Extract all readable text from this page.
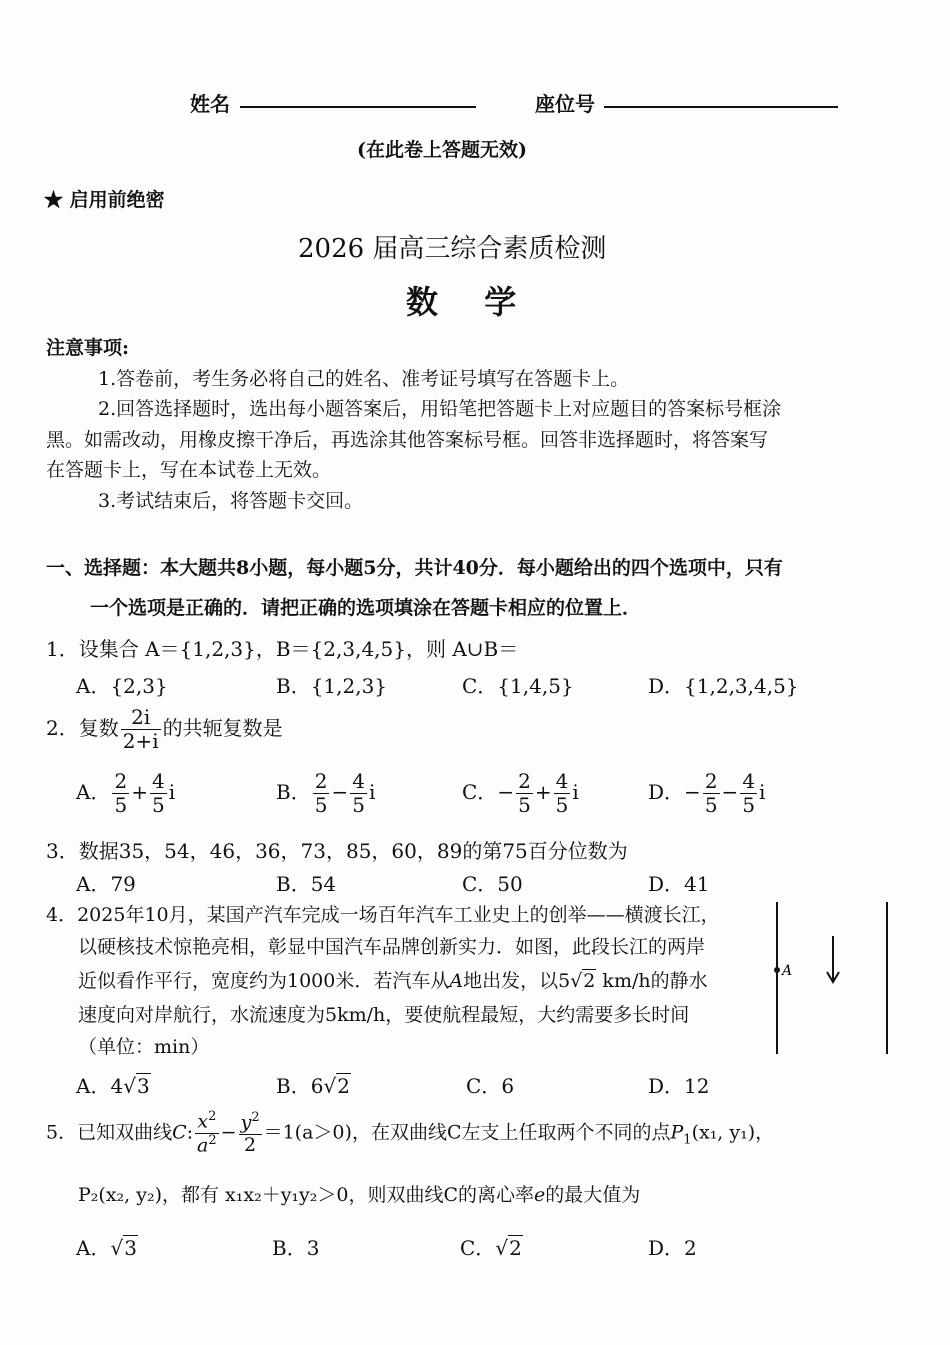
姓名	座位号
(在此卷上答题无效)
★ 启用前绝密
2026 届高三综合素质检测
数  学
注意事项:
1.答卷前，考生务必将自己的姓名、准考证号填写在答题卡上。
2.回答选择题时，选出每小题答案后，用铅笔把答题卡上对应题目的答案标号框涂
黑。如需改动，用橡皮擦干净后，再选涂其他答案标号框。回答非选择题时，将答案写
在答题卡上，写在本试卷上无效。
3.考试结束后，将答题卡交回。
一、选择题：本大题共8小题，每小题5分，共计40分．每小题给出的四个选项中，只有
一个选项是正确的．请把正确的选项填涂在答题卡相应的位置上．
1．设集合 A＝{1,2,3}，B＝{2,3,4,5}，则 A∪B＝
A．{2,3}	B．{1,2,3}	C．{1,4,5}	D．{1,2,3,4,5}
2．复数 $\frac{2i}{2+i}$ 的共轭复数是
A． $\frac{2}{5} + \frac{4}{5}$ i	B． $\frac{2}{5} - \frac{4}{5}$ i	C．− $\frac{2}{5} + \frac{4}{5}$ i	D．− $\frac{2}{5} - \frac{4}{5}$ i
3．数据35，54，46，36，73，85，60，89的第75百分位数为
A．79	B．54	C．50	D．41
4．2025年10月，某国产汽车完成一场百年汽车工业史上的创举——横渡长江，
以硬核技术惊艳亮相，彰显中国汽车品牌创新实力．如图，此段长江的两岸
近似看作平行，宽度约为1000米．若汽车从A地出发，以5√2 km/h的静水
速度向对岸航行，水流速度为5km/h，要使航程最短，大约需要多长时间
（单位：min）
A
A．4√3	B．6√2	C．6	D．12
5．已知双曲线C: $\frac{x^2}{a^2} - \frac{y^2}{2} =1(a>0)$，在双曲线C左支上任取两个不同的点$P_1(x_1$, y₁)，
P₂(x₂, y₂)，都有 x₁x₂＋y₁y₂＞0，则双曲线C的离心率e的最大值为
A．√3	B．3	C．√2	D．2
